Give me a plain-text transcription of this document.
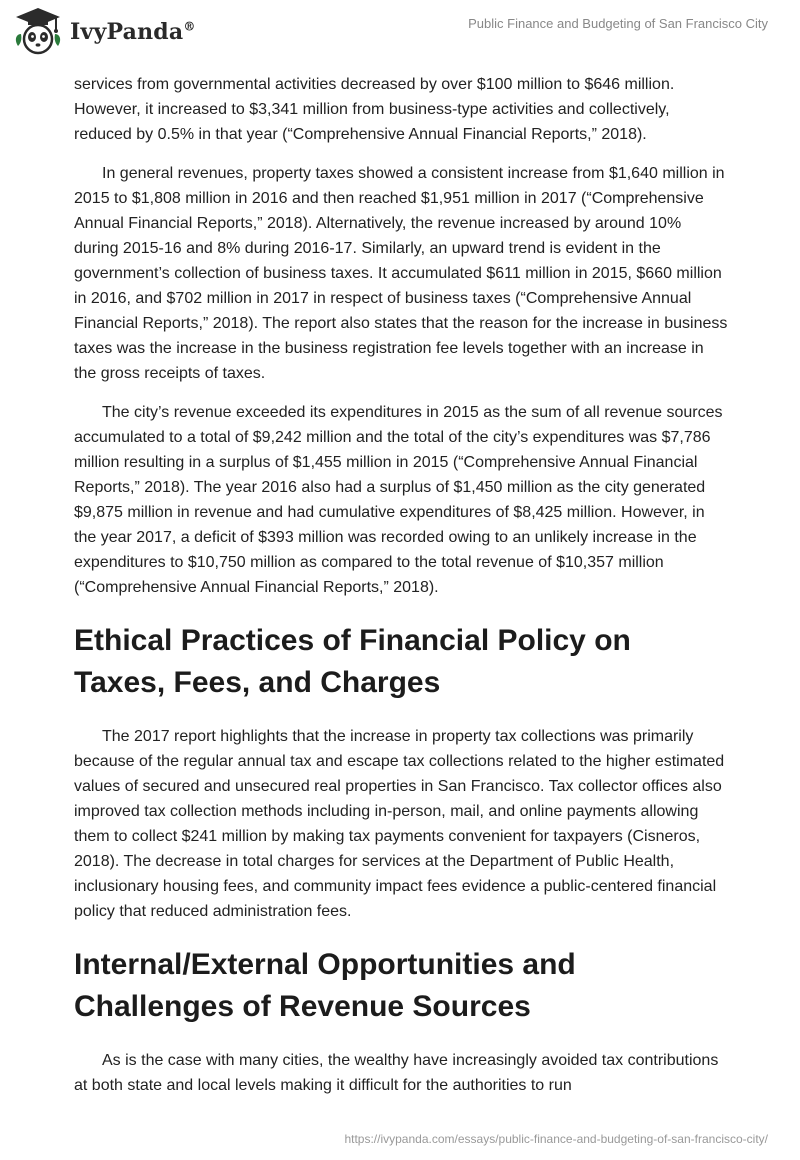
IvyPanda®	Public Finance and Budgeting of San Francisco City

services from governmental activities decreased by over $100 million to $646 million. However, it increased to $3,341 million from business-type activities and collectively, reduced by 0.5% in that year (“Comprehensive Annual Financial Reports,” 2018).

In general revenues, property taxes showed a consistent increase from $1,640 million in 2015 to $1,808 million in 2016 and then reached $1,951 million in 2017 (“Comprehensive Annual Financial Reports,” 2018). Alternatively, the revenue increased by around 10% during 2015-16 and 8% during 2016-17. Similarly, an upward trend is evident in the government’s collection of business taxes. It accumulated $611 million in 2015, $660 million in 2016, and $702 million in 2017 in respect of business taxes (“Comprehensive Annual Financial Reports,” 2018). The report also states that the reason for the increase in business taxes was the increase in the business registration fee levels together with an increase in the gross receipts of taxes.

The city’s revenue exceeded its expenditures in 2015 as the sum of all revenue sources accumulated to a total of $9,242 million and the total of the city’s expenditures was $7,786 million resulting in a surplus of $1,455 million in 2015 (“Comprehensive Annual Financial Reports,” 2018). The year 2016 also had a surplus of $1,450 million as the city generated $9,875 million in revenue and had cumulative expenditures of $8,425 million. However, in the year 2017, a deficit of $393 million was recorded owing to an unlikely increase in the expenditures to $10,750 million as compared to the total revenue of $10,357 million (“Comprehensive Annual Financial Reports,” 2018).

Ethical Practices of Financial Policy on Taxes, Fees, and Charges

The 2017 report highlights that the increase in property tax collections was primarily because of the regular annual tax and escape tax collections related to the higher estimated values of secured and unsecured real properties in San Francisco. Tax collector offices also improved tax collection methods including in-person, mail, and online payments allowing them to collect $241 million by making tax payments convenient for taxpayers (Cisneros, 2018). The decrease in total charges for services at the Department of Public Health, inclusionary housing fees, and community impact fees evidence a public-centered financial policy that reduced administration fees.

Internal/External Opportunities and Challenges of Revenue Sources

As is the case with many cities, the wealthy have increasingly avoided tax contributions at both state and local levels making it difficult for the authorities to run

https://ivypanda.com/essays/public-finance-and-budgeting-of-san-francisco-city/
